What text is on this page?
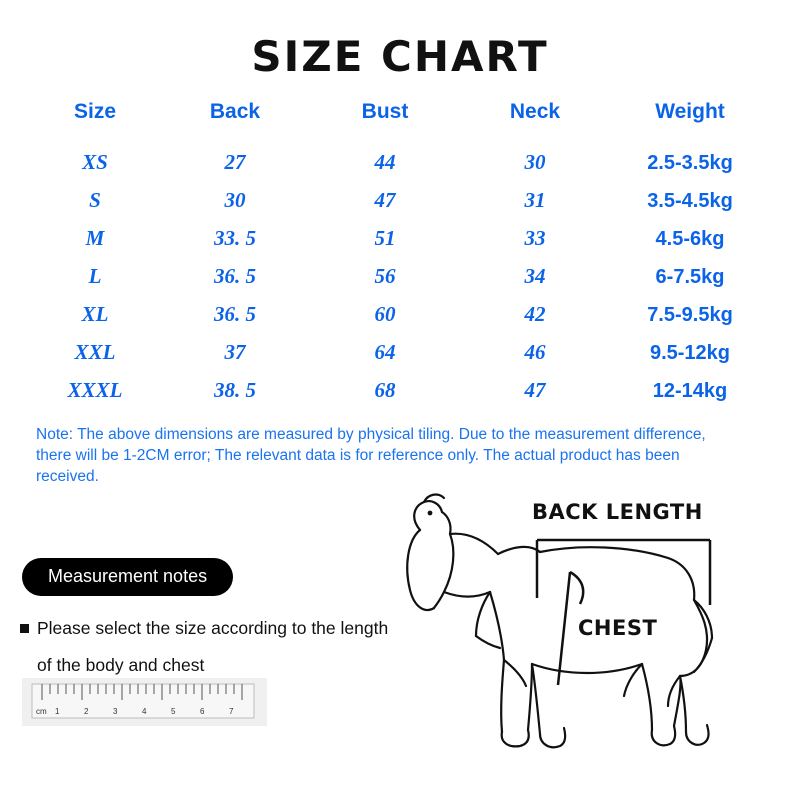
SIZE CHART
Size	Back	Bust	Neck	Weight
XS	27	44	30	2.5-3.5kg
S	30	47	31	3.5-4.5kg
M	33. 5	51	33	4.5-6kg
L	36. 5	56	34	6-7.5kg
XL	36. 5	60	42	7.5-9.5kg
XXL	37	64	46	9.5-12kg
XXXL	38. 5	68	47	12-14kg
Note: The above dimensions are measured by physical tiling. Due to the measurement difference, there will be 1-2CM error; The relevant data is for reference only. The actual product has been received.
Measurement notes
Please select the size according to the length
of the body and chest
cm 1	2	3	4	5	6	7
BACK LENGTH
CHEST
